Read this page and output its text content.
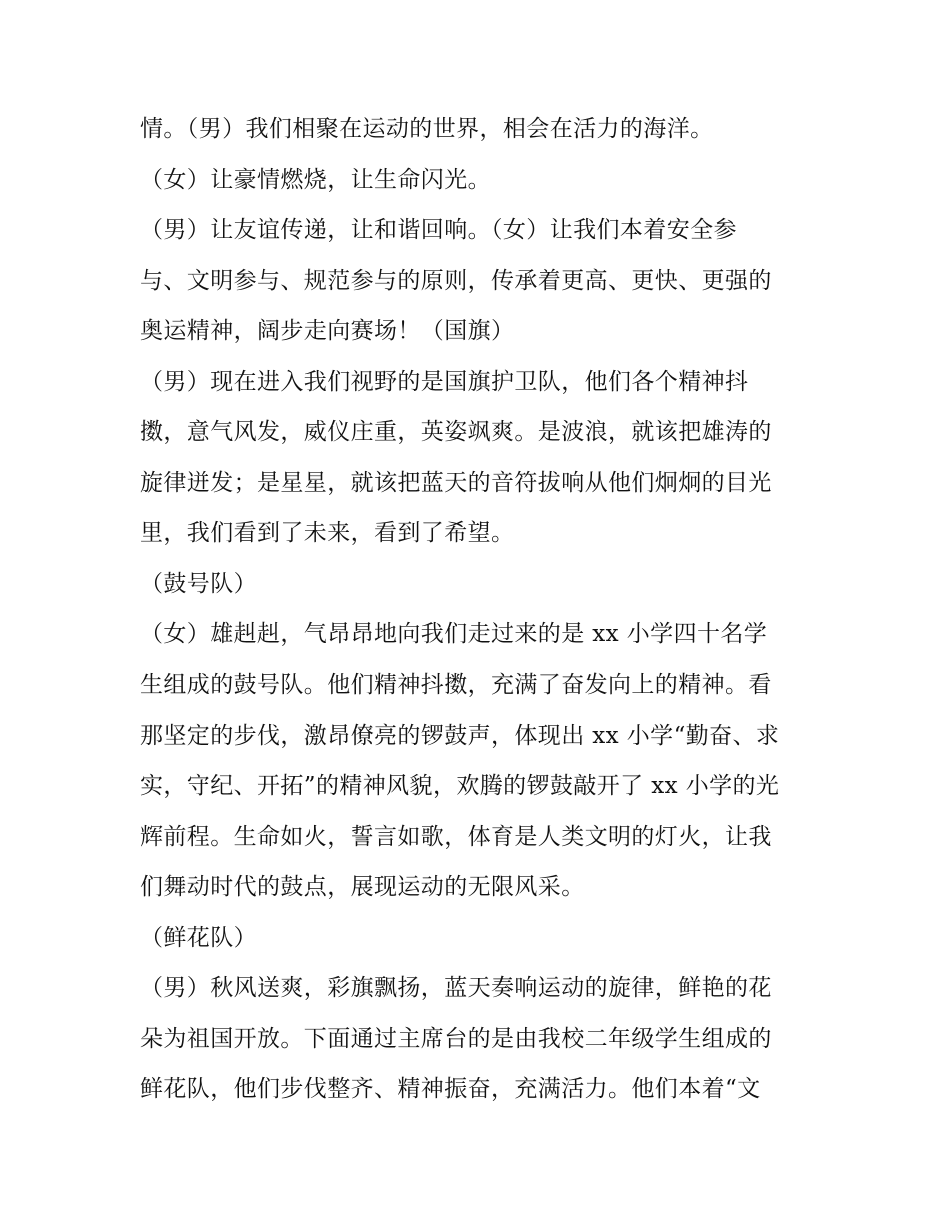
情。（男）我们相聚在运动的世界，相会在活力的海洋。
（女）让豪情燃烧，让生命闪光。
（男）让友谊传递，让和谐回响。（女）让我们本着安全参
与、文明参与、规范参与的原则，传承着更高、更快、更强的
奥运精神，阔步走向赛场！（国旗）
（男）现在进入我们视野的是国旗护卫队，他们各个精神抖
擞，意气风发，威仪庄重，英姿飒爽。是波浪，就该把雄涛的
旋律迸发；是星星，就该把蓝天的音符拔响从他们炯炯的目光
里，我们看到了未来，看到了希望。
（鼓号队）
（女）雄赳赳，气昂昂地向我们走过来的是 xx 小学四十名学
生组成的鼓号队。他们精神抖擞，充满了奋发向上的精神。看
那坚定的步伐，激昂僚亮的锣鼓声，体现出 xx 小学“勤奋、求
实，守纪、开拓”的精神风貌，欢腾的锣鼓敲开了 xx 小学的光
辉前程。生命如火，誓言如歌，体育是人类文明的灯火，让我
们舞动时代的鼓点，展现运动的无限风采。
（鲜花队）
（男）秋风送爽，彩旗飘扬，蓝天奏响运动的旋律，鲜艳的花
朵为祖国开放。下面通过主席台的是由我校二年级学生组成的
鲜花队，他们步伐整齐、精神振奋，充满活力。他们本着“文
